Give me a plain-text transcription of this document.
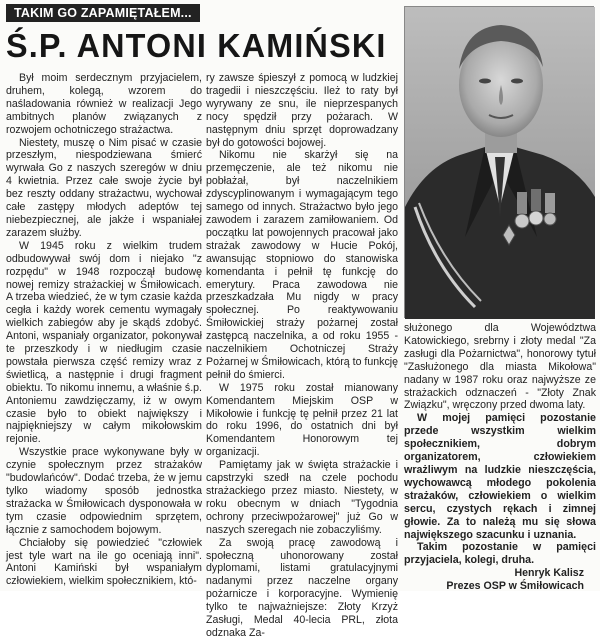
TAKIM GO ZAPAMIĘTAŁEM...
Ś.P. ANTONI KAMIŃSKI

Był moim serdecznym przyjacielem, druhem, kolegą, wzorem do naśladowania również w realizacji Jego ambitnych planów związanych z rozwojem ochotniczego strażactwa.

Niestety, muszę o Nim pisać w czasie przeszłym, niespodziewana śmierć wyrwała Go z naszych szeregów w dniu 4 kwietnia. Przez całe swoje życie był bez reszty oddany strażactwu, wychował całe zastępy młodych adeptów tej niebezpiecznej, ale jakże i wspaniałej zarazem służby.

W 1945 roku z wielkim trudem odbudowywał swój dom i niejako "z rozpędu" w 1948 rozpoczął budowę nowej remizy strażackiej w Śmiłowicach. A trzeba wiedzieć, że w tym czasie każda cegła i każdy worek cementu wymagały wielkich zabiegów aby je skądś zdobyć. Antoni, wspaniały organizator, pokonywał te przeszkody i w niedługim czasie powstała pierwsza część remizy wraz z świetlicą, a następnie i drugi fragment obiektu. To nikomu innemu, a właśnie ś.p. Antoniemu zawdzięczamy, iż w owym czasie było to obiekt największy i najpiękniejszy w całym mikołowskim rejonie.

Wszystkie prace wykonywane były w czynie społecznym przez strażaków "budowlańców". Dodać trzeba, że w jemu tylko wiadomy sposób jednostka strażacka w Śmiłowicach dysponowała w tym czasie odpowiednim sprzętem, łącznie z samochodem bojowym.

Chciałoby się powiedzieć "człowiek jest tyle wart na ile go oceniają inni". Antoni Kamiński był wspaniałym człowiekiem, wielkim społecznikiem, któ-

ry zawsze śpieszył z pomocą w ludzkiej tragedii i nieszczęściu. Ileż to raty był wyrywany ze snu, ile nieprzespanych nocy spędził przy pożarach. W następnym dniu sprzęt doprowadzany był do gotowości bojowej.

Nikomu nie skarżył się na przemęczenie, ale też nikomu nie pobłażał, był naczelnikiem zdyscyplinowanym i wymagającym tego samego od innych. Strażactwo było jego zawodem i zarazem zamiłowaniem. Od początku lat powojennych pracował jako strażak zawodowy w Hucie Pokój, awansując stopniowo do stanowiska komendanta i pełnił tę funkcję do emerytury. Praca zawodowa nie przeszkadzała Mu nigdy w pracy społecznej. Po reaktywowaniu Śmiłowickiej straży pożarnej został zastępcą naczelnika, a od roku 1955 - naczelnikiem Ochotniczej Straży Pożarnej w Śmiłowicach, którą to funkcję pełnił do śmierci.

W 1975 roku został mianowany Komendantem Miejskim OSP w Mikołowie i funkcję tę pełnił przez 21 lat do roku 1996, do ostatnich dni był Komendantem Honorowym tej organizacji.

Pamiętamy jak w święta strażackie i capstrzyki szedł na czele pochodu strażackiego przez miasto. Niestety, w roku obecnym w dniach "Tygodnia ochrony przeciwpożarowej" już Go w naszych szeregach nie zobaczyliśmy.

Za swoją pracę zawodową i społeczną uhonorowany został dyplomami, listami gratulacyjnymi nadanymi przez naczelne organy pożarnicze i korporacyjne. Wymienię tylko te najważniejsze: Złoty Krzyż Zasługi, Medal 40-lecia PRL, złota odznaka Za-

służonego dla Województwa Katowickiego, srebrny i złoty medal "Za zasługi dla Pożarnictwa", honorowy tytuł "Zasłużonego dla miasta Mikołowa" nadany w 1987 roku oraz najwyższe ze strażackich odznaczeń - "Złoty Znak Związku", wręczony przed dwoma laty.

W mojej pamięci pozostanie przede wszystkim wielkim społecznikiem, dobrym organizatorem, człowiekiem wrażliwym na ludzkie nieszczęścia, wychowawcą młodego pokolenia strażaków, człowiekiem o wielkim sercu, czystych rękach i zimnej głowie. Za to należą mu się słowa największego szacunku i uznania.

Takim pozostanie w pamięci przyjaciela, kolegi, druha.

Henryk Kalisz
Prezes OSP w Śmiłowicach
